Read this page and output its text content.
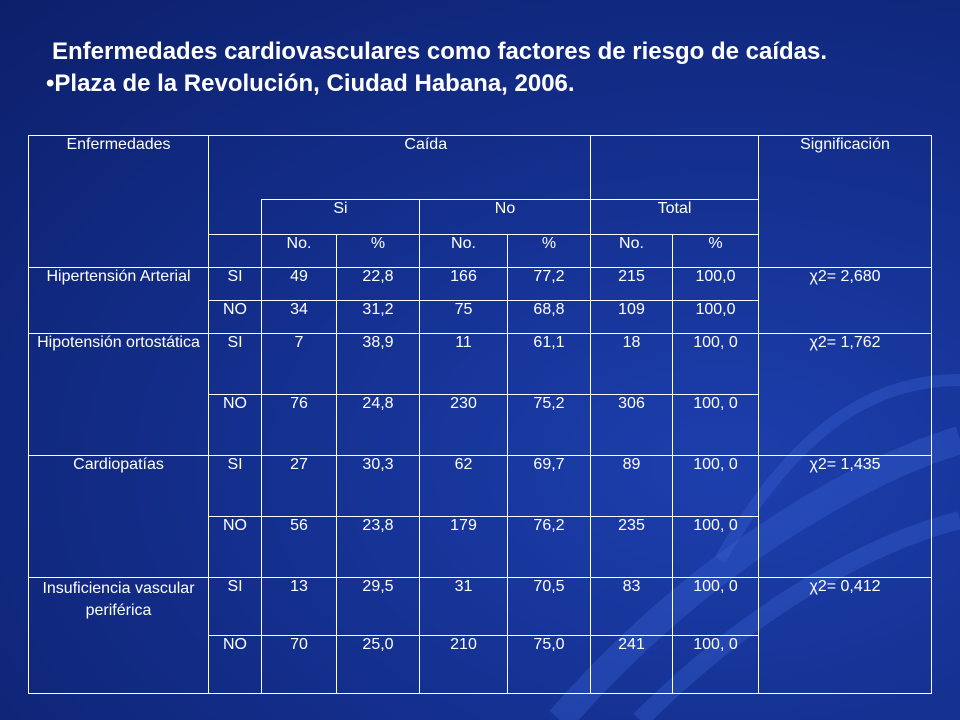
Enfermedades cardiovasculares como factores de riesgo de caídas.
•Plaza de la Revolución, Ciudad Habana, 2006.
Enfermedades		Caída						Significación
		Si		No		Total		
		No.	%	No.	%	No.	%	
Hipertensión Arterial	SI	49	22,8	166	77,2	215	100,0	χ2= 2,680
	NO	34	31,2	75	68,8	109	100,0	
Hipotensión ortostática	SI	7	38,9	11	61,1	18	100, 0	χ2= 1,762
	NO	76	24,8	230	75,2	306	100, 0	
Cardiopatías	SI	27	30,3	62	69,7	89	100, 0	χ2= 1,435
	NO	56	23,8	179	76,2	235	100, 0	
Insuficiencia vascular periférica	SI	13	29,5	31	70,5	83	100, 0	χ2= 0,412
	NO	70	25,0	210	75,0	241	100, 0	
